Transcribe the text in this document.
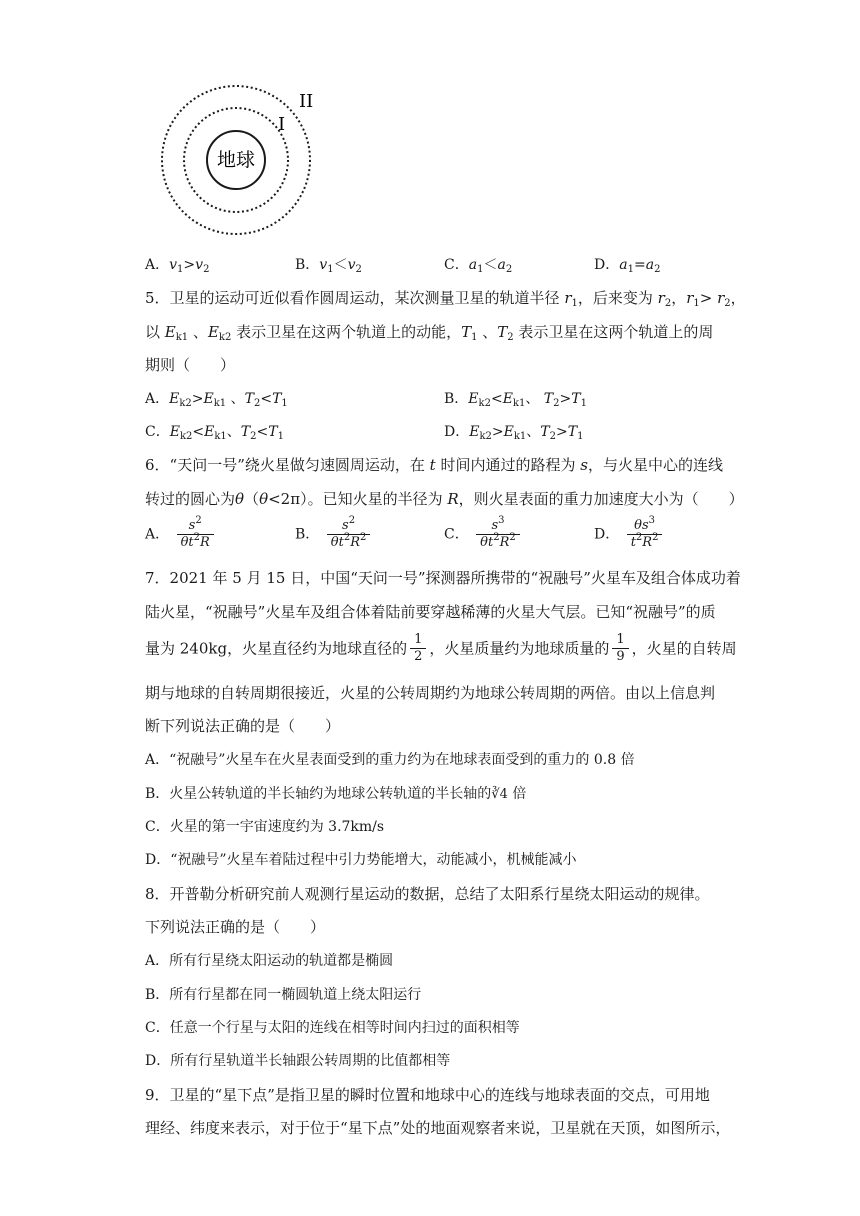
地球
I
II
A．$v_1>v_2$	B．$v_1<v_2$	C．$a_1<a_2$	D．$a_1=a_2$
5．卫星的运动可近似看作圆周运动，某次测量卫星的轨道半径 $r_1$，后来变为 $r_2$，$r_1> r_2$，
以 $E_{k1}$ 、$E_{k2}$ 表示卫星在这两个轨道上的动能，$T_1$ 、$T_2$ 表示卫星在这两个轨道上的周
期则（　　）
A．$E_{k2}>E_{k1}$ 、$T_2<T_1$	B．$E_{k2}<E_{k1}$、 $T_2>T_1$
C．$E_{k2}<E_{k1}$、$T_2<T_1$	D．$E_{k2}>E_{k1}$、$T_2>T_1$
6．“天问一号”绕火星做匀速圆周运动，在 t 时间内通过的路程为 s，与火星中心的连线
转过的圆心为θ（θ<2π）。已知火星的半径为 R，则火星表面的重力加速度大小为（　　）
A． $\frac{s^2}{\theta t^2R}$	B． $\frac{s^2}{\theta t^2R^2}$	C． $\frac{s^3}{\theta t^2R^2}$	D． $\frac{\theta s^3}{t^2R^2}$
7．2021 年 5 月 15 日，中国“天问一号”探测器所携带的“祝融号”火星车及组合体成功着
陆火星，“祝融号”火星车及组合体着陆前要穿越稀薄的火星大气层。已知“祝融号”的质
量为 240kg，火星直径约为地球直径的 $\frac{1}{2}$ ，火星质量约为地球质量的 $\frac{1}{9}$ ，火星的自转周
期与地球的自转周期很接近，火星的公转周期约为地球公转周期的两倍。由以上信息判
断下列说法正确的是（　　）
A．“祝融号”火星车在火星表面受到的重力约为在地球表面受到的重力的 0.8 倍
B．火星公转轨道的半长轴约为地球公转轨道的半长轴的∛4 倍
C．火星的第一宇宙速度约为 3.7km/s
D．“祝融号”火星车着陆过程中引力势能增大，动能减小，机械能减小
8．开普勒分析研究前人观测行星运动的数据，总结了太阳系行星绕太阳运动的规律。
下列说法正确的是（　　）
A．所有行星绕太阳运动的轨道都是椭圆
B．所有行星都在同一椭圆轨道上绕太阳运行
C．任意一个行星与太阳的连线在相等时间内扫过的面积相等
D．所有行星轨道半长轴跟公转周期的比值都相等
9．卫星的“星下点”是指卫星的瞬时位置和地球中心的连线与地球表面的交点，可用地
理经、纬度来表示，对于位于“星下点”处的地面观察者来说，卫星就在天顶，如图所示，
